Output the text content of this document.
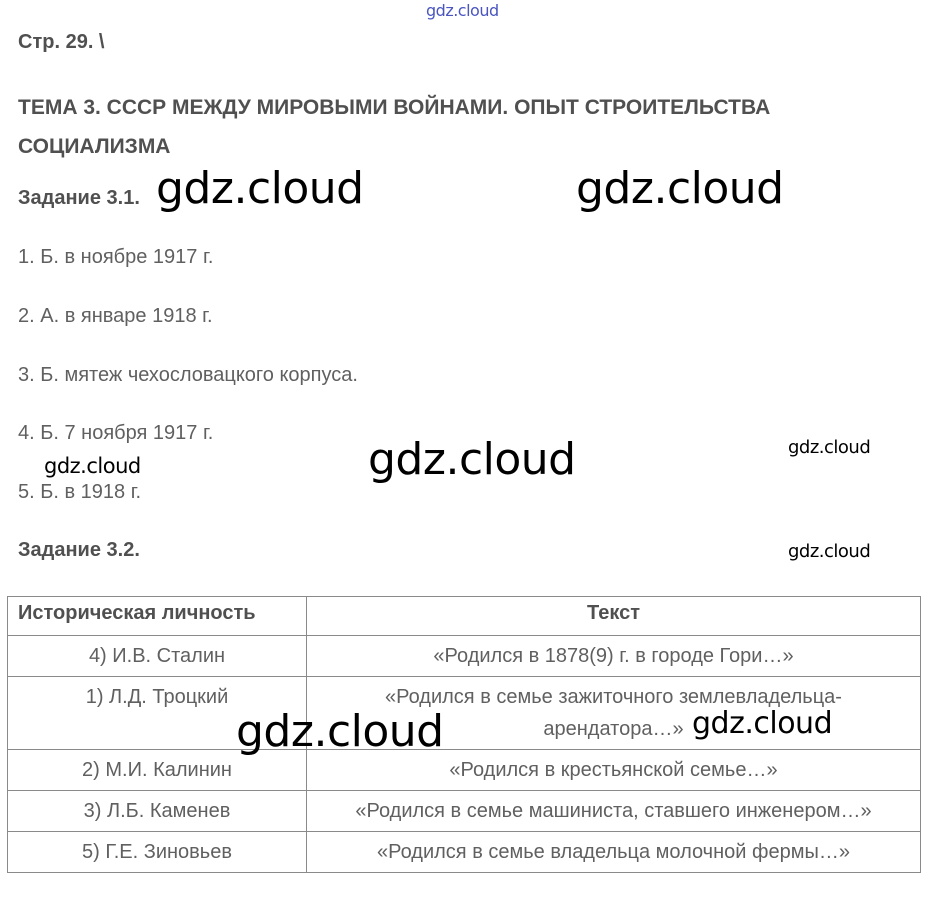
gdz.cloud
Стр. 29. \
ТЕМА 3. СССР МЕЖДУ МИРОВЫМИ ВОЙНАМИ. ОПЫТ СТРОИТЕЛЬСТВА СОЦИАЛИЗМА
Задание 3.1.
1. Б. в ноябре 1917 г.
2. А. в январе 1918 г.
3. Б. мятеж чехословацкого корпуса.
4. Б. 7 ноября 1917 г.
5. Б. в 1918 г.
Задание 3.2.
Историческая личность	Текст
4) И.В. Сталин	«Родился в 1878(9) г. в городе Гори…»
1) Л.Д. Троцкий	«Родился в семье зажиточного землевладельца-арендатора…»
2) М.И. Калинин	«Родился в крестьянской семье…»
3) Л.Б. Каменев	«Родился в семье машиниста, ставшего инженером…»
5) Г.Е. Зиновьев	«Родился в семье владельца молочной фермы…»
gdz.cloud	gdz.cloud
gdz.cloud
gdz.cloud
gdz.cloud
gdz.cloud
gdz.cloud	gdz.cloud
